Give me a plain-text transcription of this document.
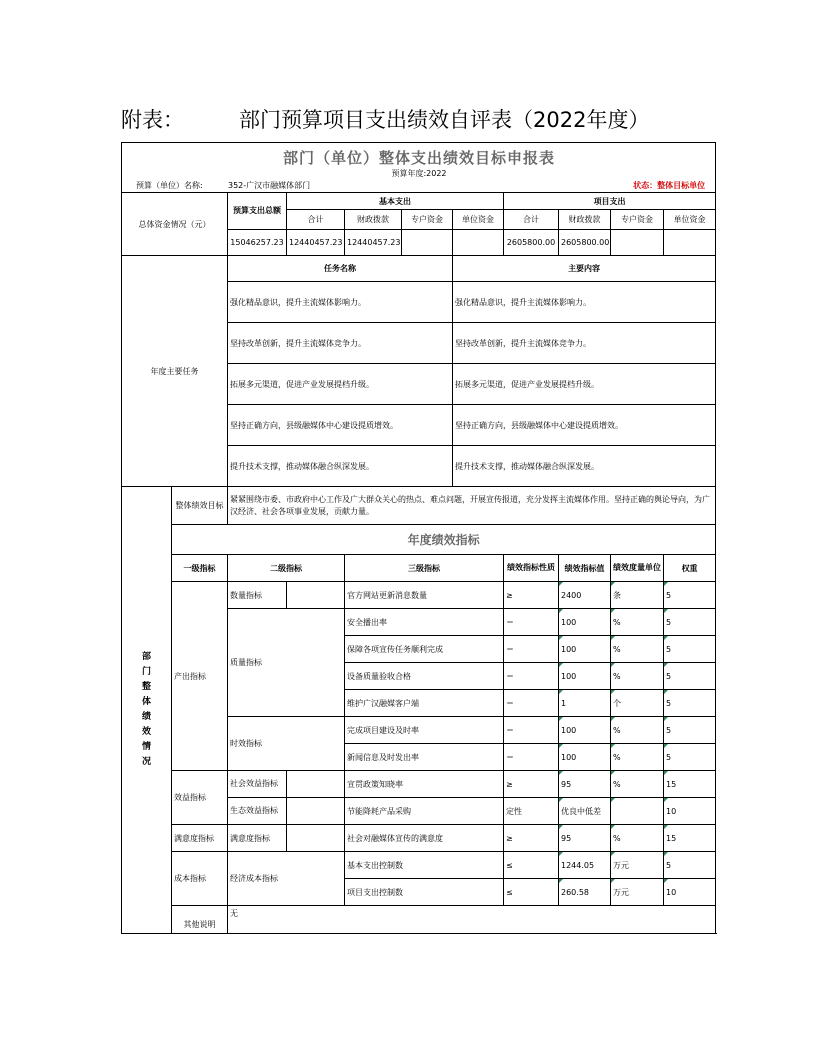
附表：	部门预算项目支出绩效自评表（2022年度）
部门（单位）整体支出绩效目标申报表
预算年度:2022
预算（单位）名称: 352-广汉市融媒体部门 状态：整体目标单位										

总体资金情况（元）		预算支出总额	基本支出				项目支出			
			合计	财政拨款	专户资金	单位资金	合计	财政拨款	专户资金	单位资金
		15046257.23	12440457.23	12440457.23			2605800.00	2605800.00		
年度主要任务		任务名称				主要内容				
		强化精品意识，提升主流媒体影响力。				强化精品意识，提升主流媒体影响力。				
		坚持改革创新，提升主流媒体竞争力。				坚持改革创新，提升主流媒体竞争力。				
		拓展多元渠道，促进产业发展提档升级。				拓展多元渠道，促进产业发展提档升级。				
		坚持正确方向，县级融媒体中心建设提质增效。				坚持正确方向，县级融媒体中心建设提质增效。				
		提升技术支撑，推动媒体融合纵深发展。				提升技术支撑，推动媒体融合纵深发展。				
部门整体绩效情况	整体绩效目标	紧紧围绕市委、市政府中心工作及广大群众关心的热点、难点问题，开展宣传报道，充分发挥主流媒体作用。坚持正确的舆论导向，为广汉经济、社会各项事业发展，贡献力量。								
	年度绩效指标									
	一级指标	二级指标		三级指标			绩效指标性质	绩效指标值	绩效度量单位	权重
	产出指标	数量指标		官方网站更新消息数量			≥	2400	条	5
		质量指标		安全播出率			＝	100	%	5
				保障各项宣传任务顺利完成			＝	100	%	5
				设备质量验收合格			＝	100	%	5
				维护广汉融媒客户端			＝	1	个	5
		时效指标		完成项目建设及时率			＝	100	%	5
				新闻信息及时发出率			＝	100	%	5
	效益指标	社会效益指标		宣贯政策知晓率			≥	95	%	15
		生态效益指标		节能降耗产品采购			定性	优良中低差		10
	满意度指标	满意度指标		社会对融媒体宣传的满意度			≥	95	%	15
	成本指标	经济成本指标		基本支出控制数			≤	1244.05	万元	5
				项目支出控制数			≤	260.58	万元	10
	其他说明	无								
